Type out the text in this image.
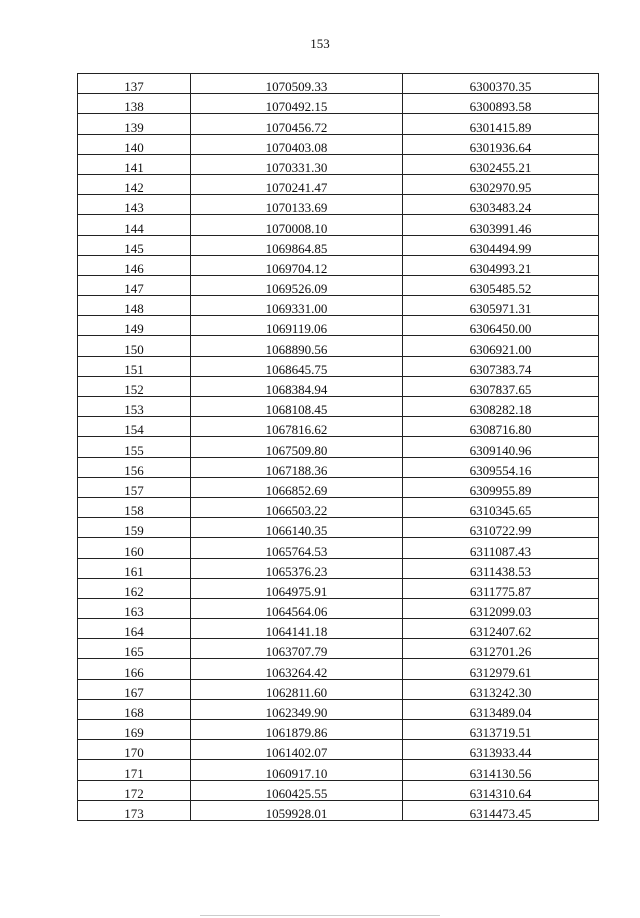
153
137	1070509.33	6300370.35
138	1070492.15	6300893.58
139	1070456.72	6301415.89
140	1070403.08	6301936.64
141	1070331.30	6302455.21
142	1070241.47	6302970.95
143	1070133.69	6303483.24
144	1070008.10	6303991.46
145	1069864.85	6304494.99
146	1069704.12	6304993.21
147	1069526.09	6305485.52
148	1069331.00	6305971.31
149	1069119.06	6306450.00
150	1068890.56	6306921.00
151	1068645.75	6307383.74
152	1068384.94	6307837.65
153	1068108.45	6308282.18
154	1067816.62	6308716.80
155	1067509.80	6309140.96
156	1067188.36	6309554.16
157	1066852.69	6309955.89
158	1066503.22	6310345.65
159	1066140.35	6310722.99
160	1065764.53	6311087.43
161	1065376.23	6311438.53
162	1064975.91	6311775.87
163	1064564.06	6312099.03
164	1064141.18	6312407.62
165	1063707.79	6312701.26
166	1063264.42	6312979.61
167	1062811.60	6313242.30
168	1062349.90	6313489.04
169	1061879.86	6313719.51
170	1061402.07	6313933.44
171	1060917.10	6314130.56
172	1060425.55	6314310.64
173	1059928.01	6314473.45
